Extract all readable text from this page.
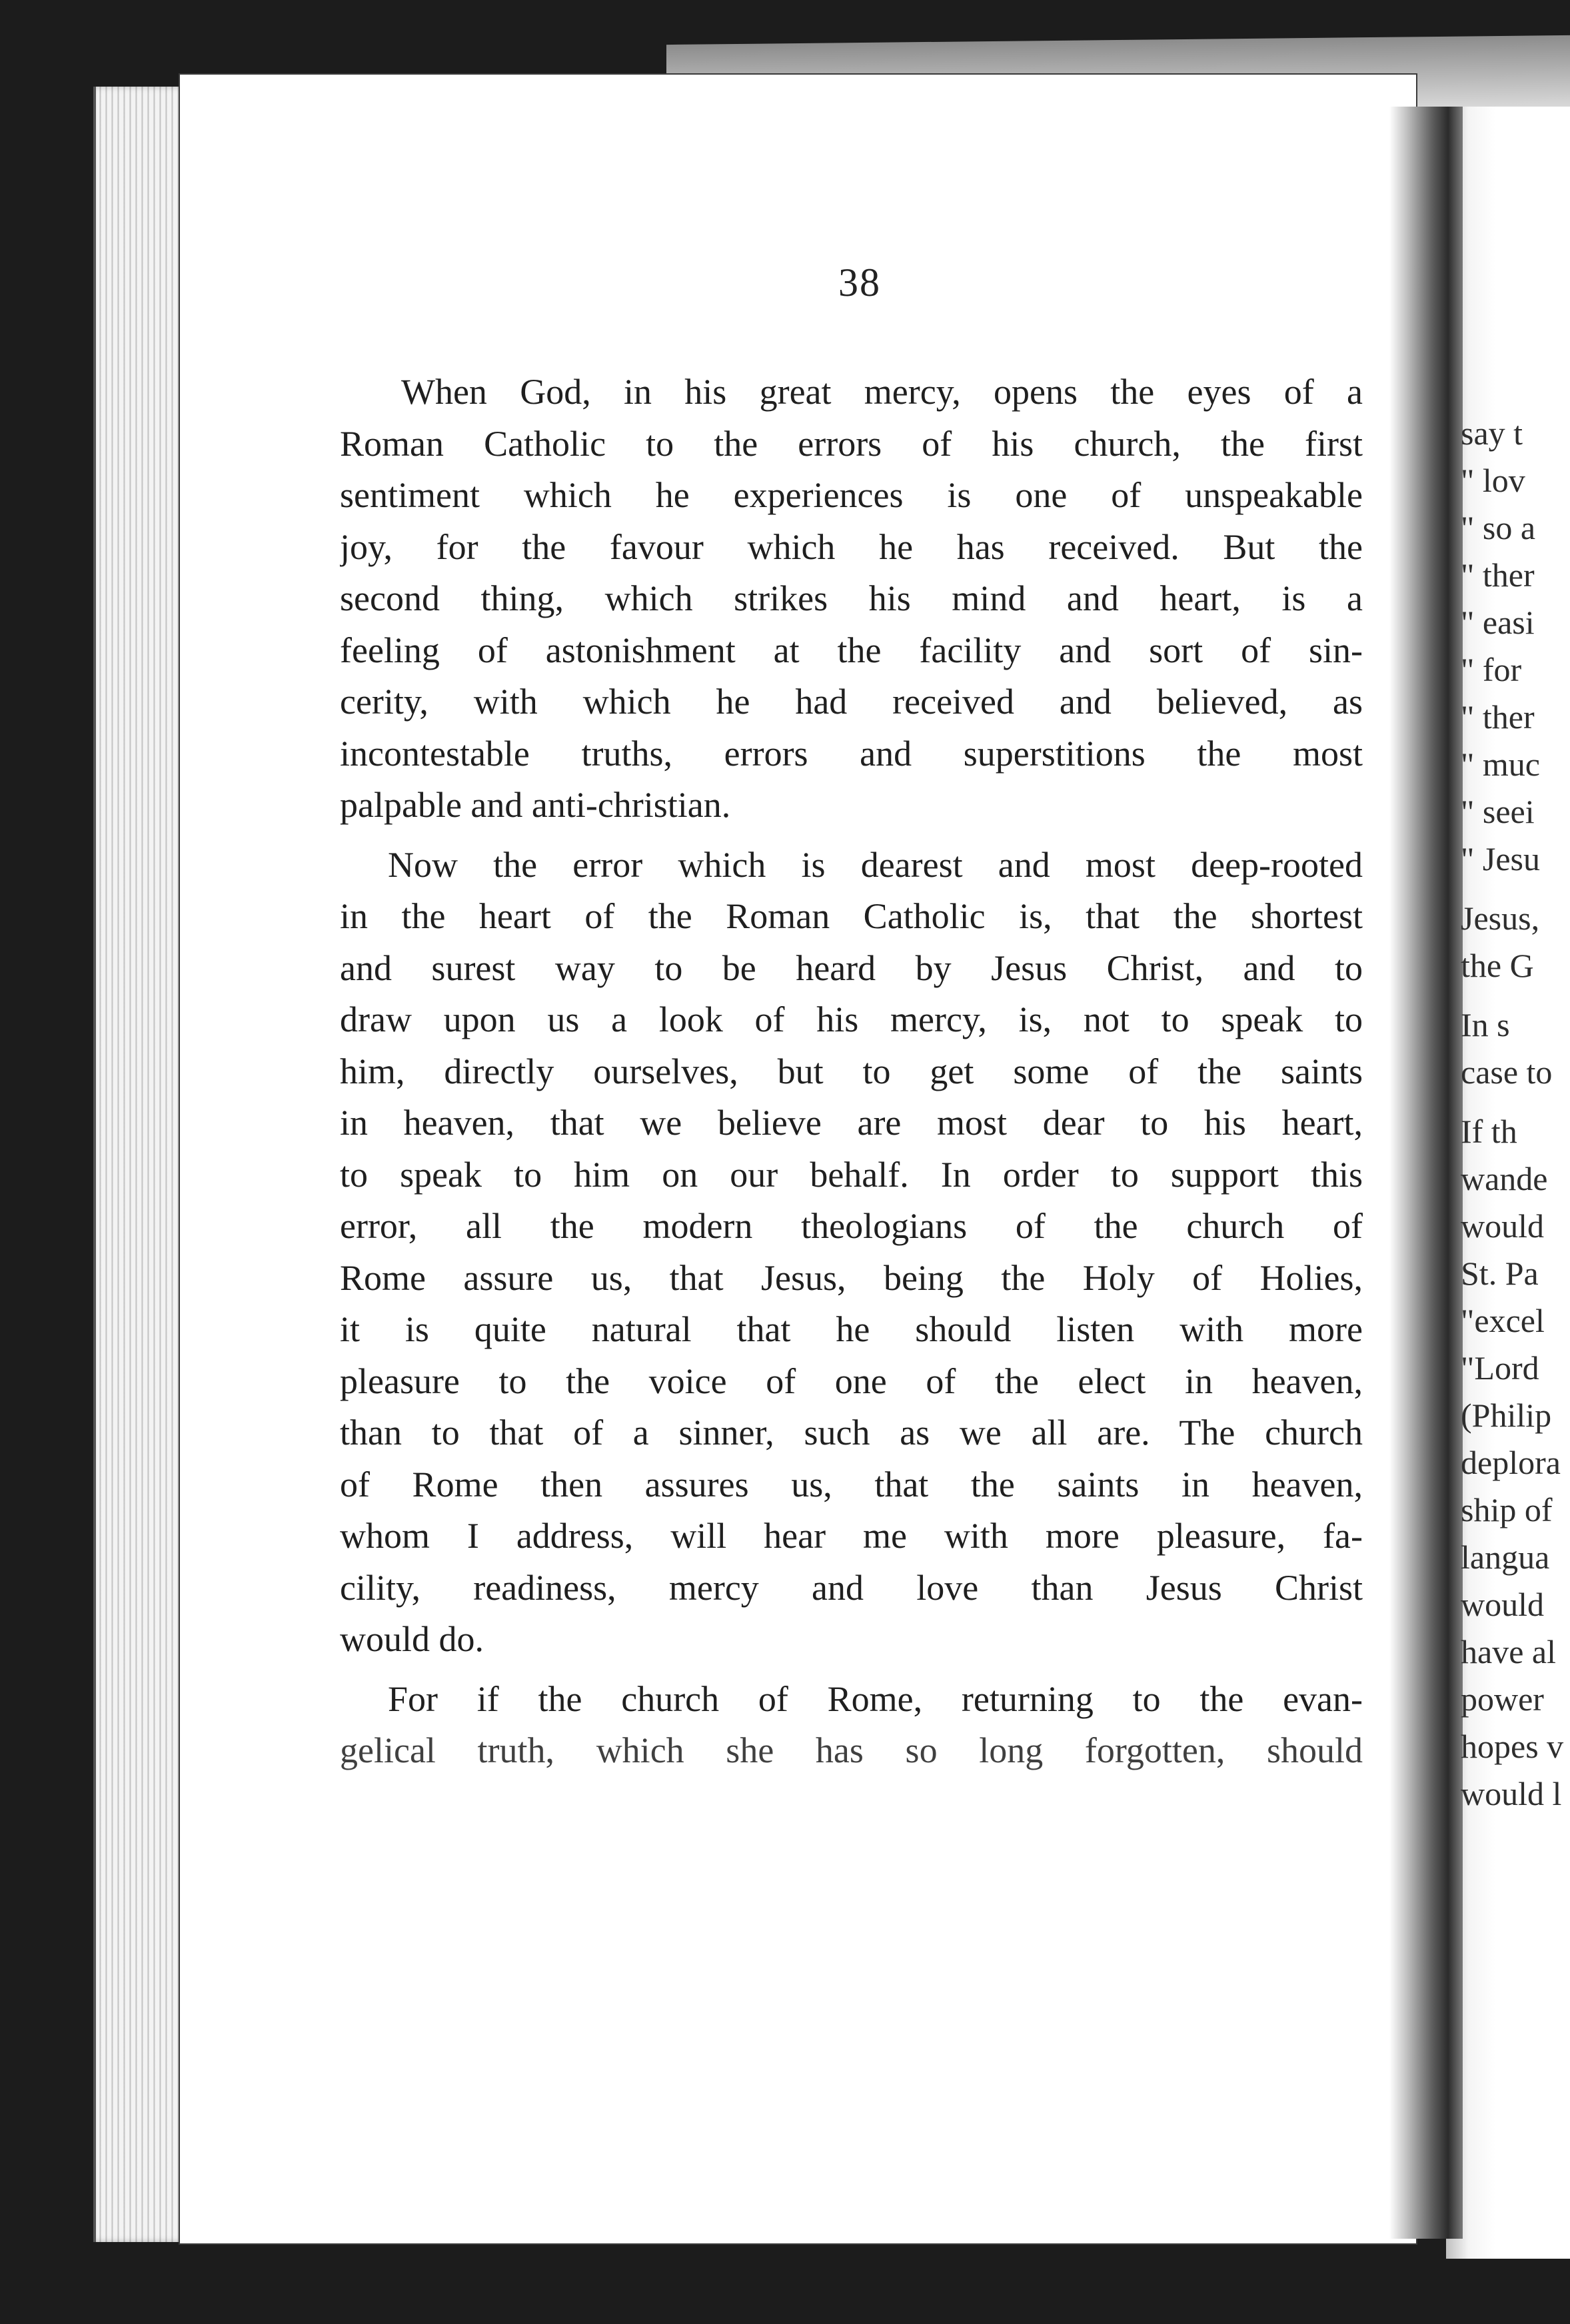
38
When God, in his great mercy, opens the eyes of a
Roman Catholic to the errors of his church, the first
sentiment which he experiences is one of unspeakable
joy, for the favour which he has received. But the
second thing, which strikes his mind and heart, is a
feeling of astonishment at the facility and sort of sin-
cerity, with which he had received and believed, as
incontestable truths, errors and superstitions the most
palpable and anti-christian.
Now the error which is dearest and most deep-rooted
in the heart of the Roman Catholic is, that the shortest
and surest way to be heard by Jesus Christ, and to
draw upon us a look of his mercy, is, not to speak to
him, directly ourselves, but to get some of the saints
in heaven, that we believe are most dear to his heart,
to speak to him on our behalf. In order to support this
error, all the modern theologians of the church of
Rome assure us, that Jesus, being the Holy of Holies,
it is quite natural that he should listen with more
pleasure to the voice of one of the elect in heaven,
than to that of a sinner, such as we all are. The church
of Rome then assures us, that the saints in heaven,
whom I address, will hear me with more pleasure, fa-
cility, readiness, mercy and love than Jesus Christ
would do.
For if the church of Rome, returning to the evan-
gelical truth, which she has so long forgotten, should
say t
" lov
" so a
" ther
" easi
" for
" ther
" muc
" seei
" Jesu
Jesus,
the G
In s
case to
If th
wande
would
St. Pa
"excel
"Lord
(Philip
deplora
ship of
langua
would
have al
power
hopes v
would l
